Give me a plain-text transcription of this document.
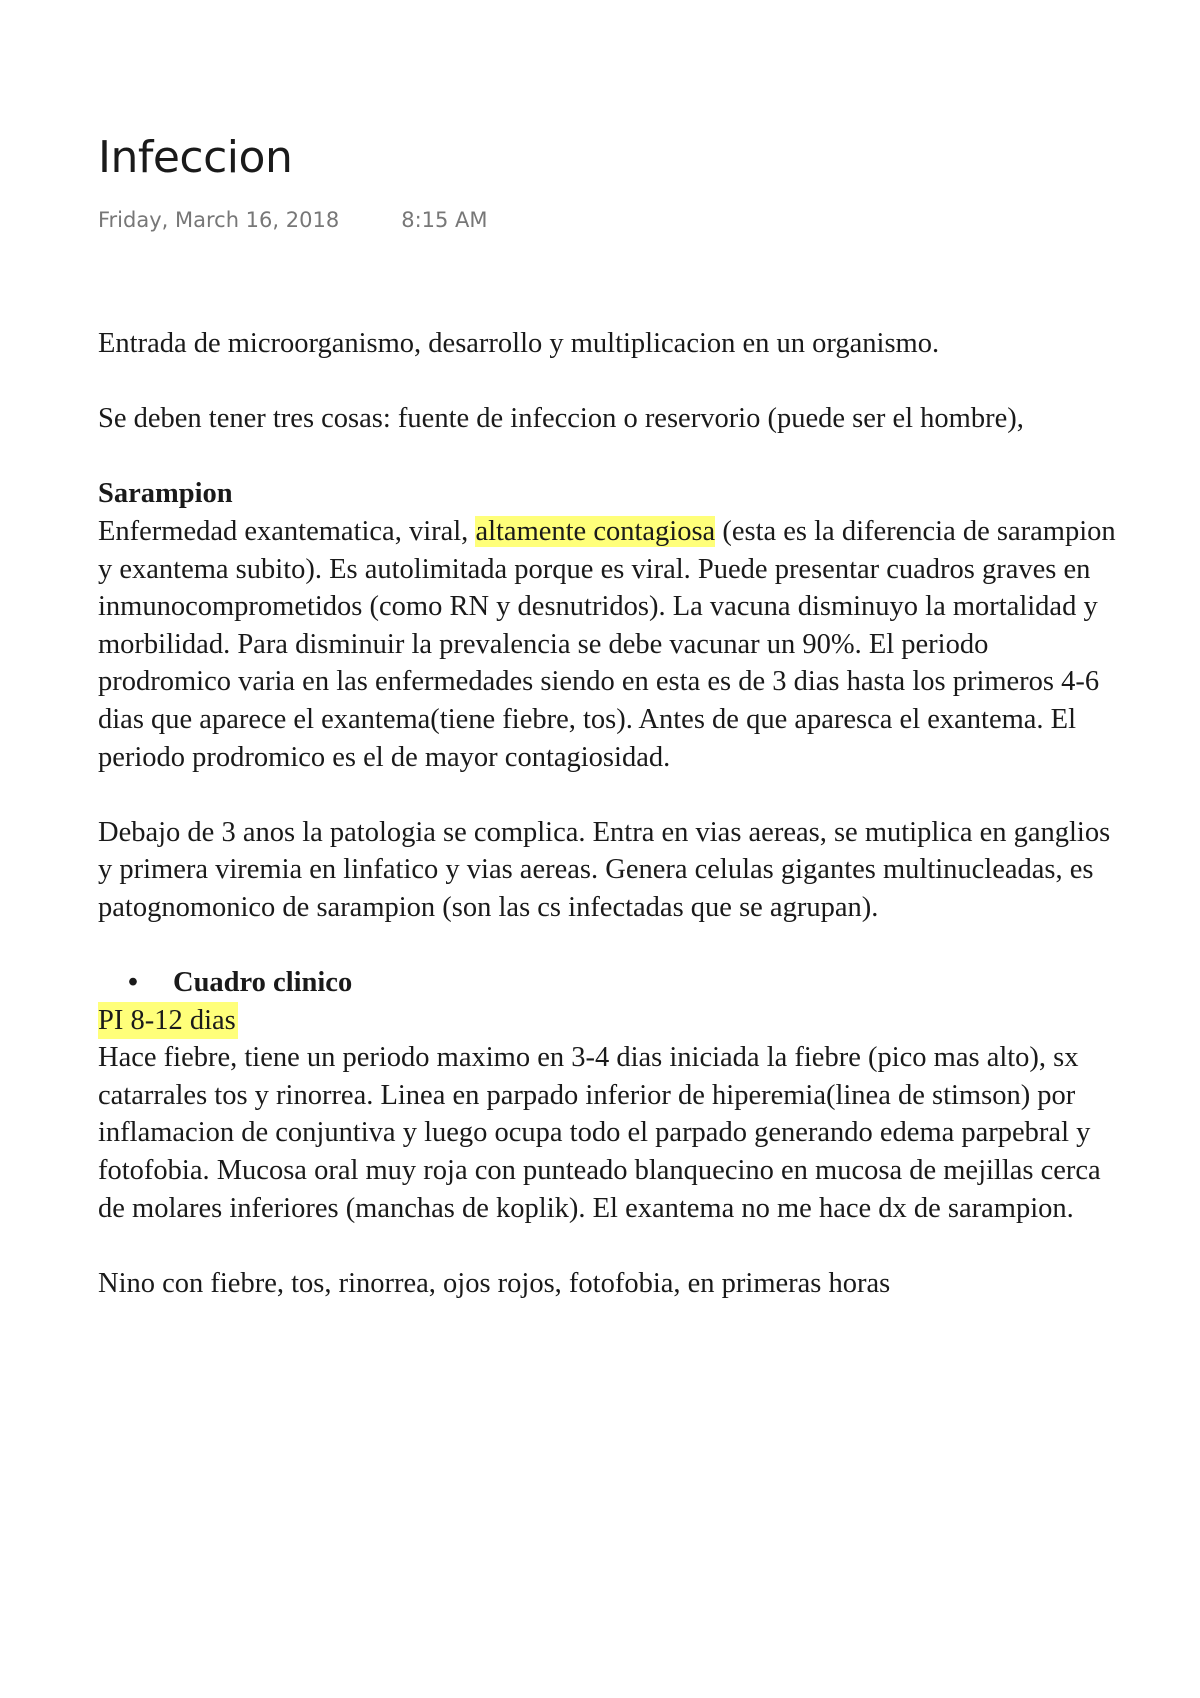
Infeccion
Friday, March 16, 2018	8:15 AM

Entrada de microorganismo, desarrollo y multiplicacion en un organismo.

Se deben tener tres cosas: fuente de infeccion o reservorio (puede ser el hombre),

Sarampion
Enfermedad exantematica, viral, altamente contagiosa (esta es la diferencia de sarampion y exantema subito). Es autolimitada porque es viral. Puede presentar cuadros graves en inmunocomprometidos (como RN y desnutridos). La vacuna disminuyo la mortalidad y morbilidad. Para disminuir la prevalencia se debe vacunar un 90%. El periodo prodromico varia en las enfermedades siendo en esta es de 3 dias hasta los primeros 4-6 dias que aparece el exantema(tiene fiebre, tos). Antes de que aparesca el exantema. El periodo prodromico es el de mayor contagiosidad.

Debajo de 3 anos la patologia se complica. Entra en vias aereas, se mutiplica en ganglios y primera viremia en linfatico y vias aereas. Genera celulas gigantes multinucleadas, es patognomonico de sarampion (son las cs infectadas que se agrupan).

• Cuadro clinico

PI 8-12 dias

Hace fiebre, tiene un periodo maximo en 3-4 dias iniciada la fiebre (pico mas alto), sx catarrales tos y rinorrea. Linea en parpado inferior de hiperemia(linea de stimson) por inflamacion de conjuntiva y luego ocupa todo el parpado generando edema parpebral y fotofobia. Mucosa oral muy roja con punteado blanquecino en mucosa de mejillas cerca de molares inferiores (manchas de koplik). El exantema no me hace dx de sarampion.

Nino con fiebre, tos, rinorrea, ojos rojos, fotofobia, en primeras horas
